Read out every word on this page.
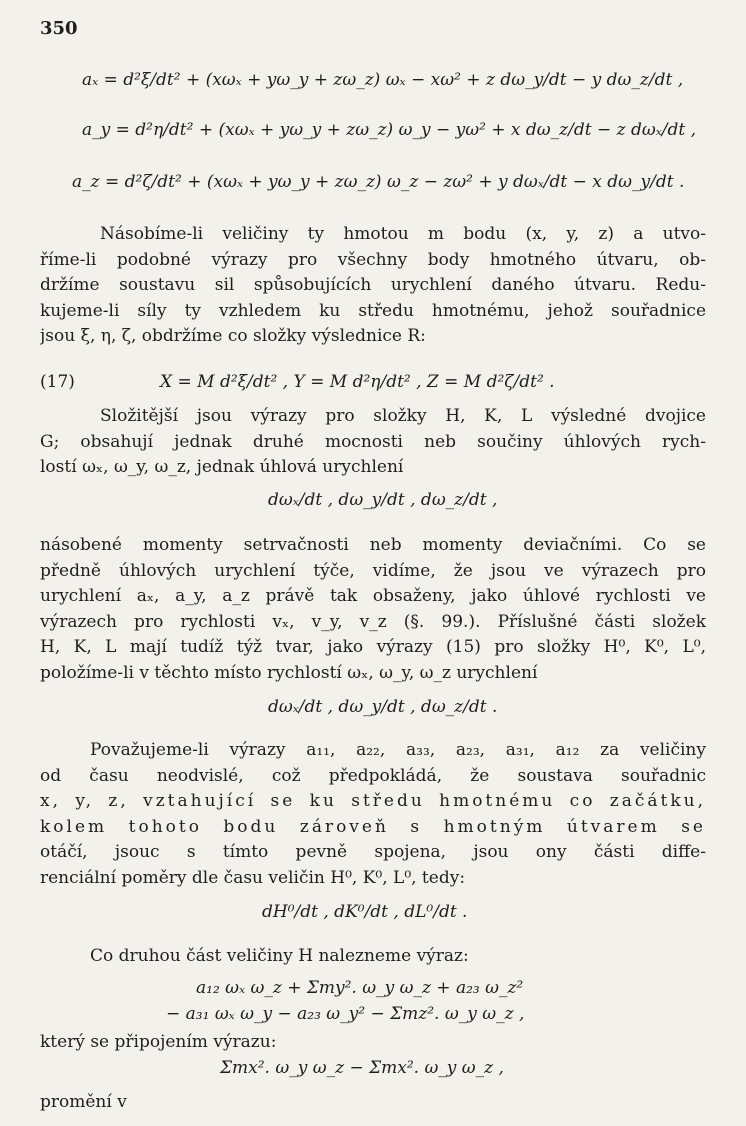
350
aₓ = d²ξ/dt² + (xωₓ + yω_y + zω_z) ωₓ − xω² + z dω_y/dt − y dω_z/dt ,
a_y = d²η/dt² + (xωₓ + yω_y + zω_z) ω_y − yω² + x dω_z/dt − z dωₓ/dt ,
a_z = d²ζ/dt² + (xωₓ + yω_y + zω_z) ω_z − zω² + y dωₓ/dt − x dω_y/dt .
Násobíme-li veličiny ty hmotou m bodu (x, y, z) a utvo-
říme-li podobné výrazy pro všechny body hmotného útvaru, ob-
držíme soustavu sil spůsobujících urychlení daného útvaru. Redu-
kujeme-li síly ty vzhledem ku středu hmotnému, jehož souřadnice
jsou ξ, η, ζ, obdržíme co složky výslednice R:
(17)	X = M d²ξ/dt² , Y = M d²η/dt² , Z = M d²ζ/dt² .
Složitější jsou výrazy pro složky H, K, L výsledné dvojice
G; obsahují jednak druhé mocnosti neb součiny úhlových rych-
lostí ωₓ, ω_y, ω_z, jednak úhlová urychlení
dωₓ/dt , dω_y/dt , dω_z/dt ,
násobené momenty setrvačnosti neb momenty deviačními. Co se
předně úhlových urychlení týče, vidíme, že jsou ve výrazech pro
urychlení aₓ, a_y, a_z právě tak obsaženy, jako úhlové rychlosti ve
výrazech pro rychlosti vₓ, v_y, v_z (§. 99.). Příslušné části složek
H, K, L mají tudíž týž tvar, jako výrazy (15) pro složky H⁰, K⁰, L⁰,
položíme-li v těchto místo rychlostí ωₓ, ω_y, ω_z urychlení
dωₓ/dt , dω_y/dt , dω_z/dt .
Považujeme-li výrazy a₁₁, a₂₂, a₃₃, a₂₃, a₃₁, a₁₂ za veličiny
od času neodvislé, což předpokládá, že soustava souřadnic
x, y, z, vztahující se ku středu hmotnému co začátku,
kolem tohoto bodu zároveň s hmotným útvarem se
otáčí, jsouc s tímto pevně spojena, jsou ony části diffe-
renciální poměry dle času veličin H⁰, K⁰, L⁰, tedy:
dH⁰/dt , dK⁰/dt , dL⁰/dt .
Co druhou část veličiny H nalezneme výraz:
a₁₂ ωₓ ω_z + Σmy². ω_y ω_z + a₂₃ ω_z²
− a₃₁ ωₓ ω_y − a₂₃ ω_y² − Σmz². ω_y ω_z ,
který se připojením výrazu:
Σmx². ω_y ω_z − Σmx². ω_y ω_z ,
promění v
